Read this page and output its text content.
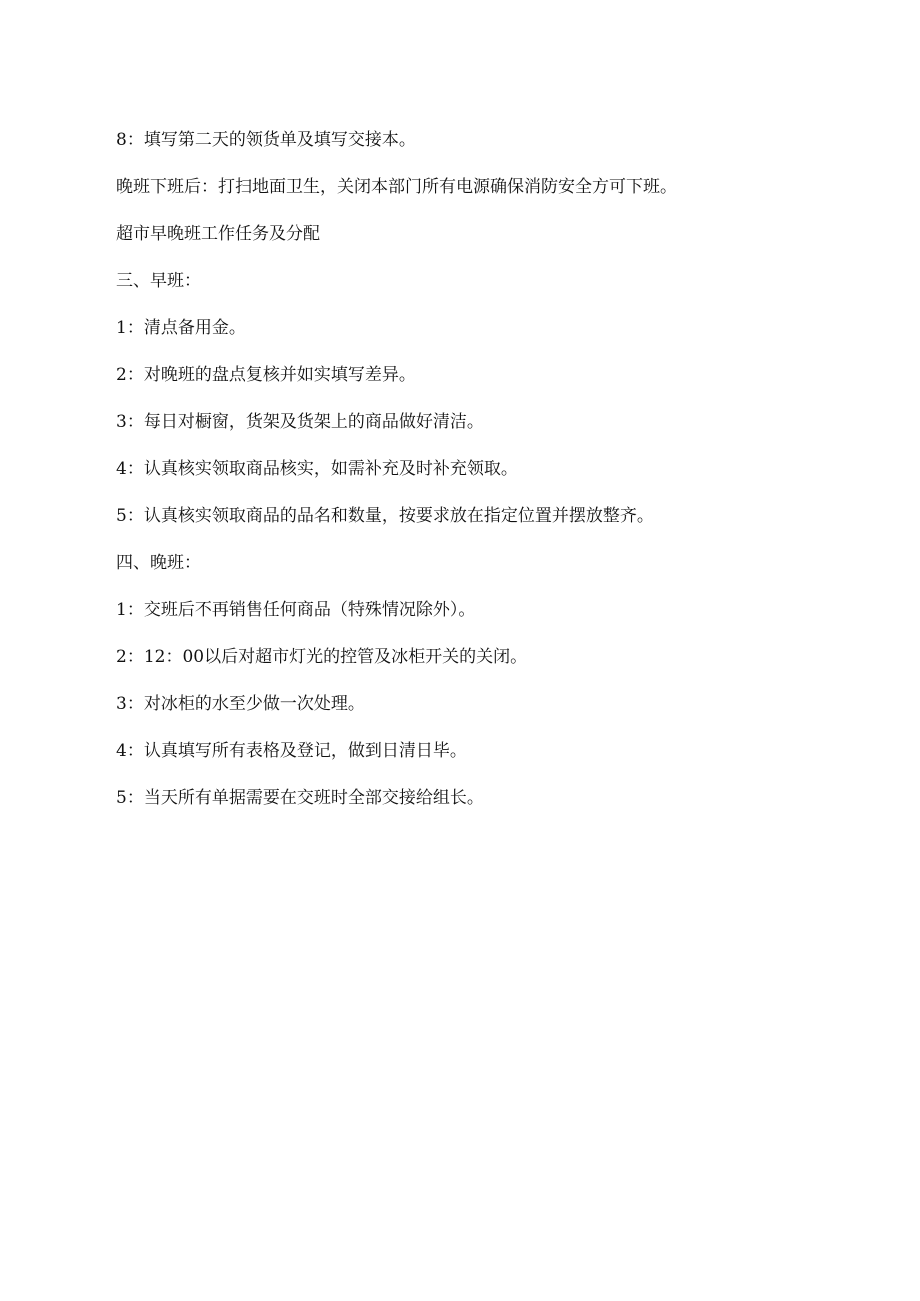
8：填写第二天的领货单及填写交接本。
晚班下班后：打扫地面卫生，关闭本部门所有电源确保消防安全方可下班。
超市早晚班工作任务及分配
三、早班：
1：清点备用金。
2：对晚班的盘点复核并如实填写差异。
3：每日对橱窗，货架及货架上的商品做好清洁。
4：认真核实领取商品核实，如需补充及时补充领取。
5：认真核实领取商品的品名和数量，按要求放在指定位置并摆放整齐。
四、晚班：
1：交班后不再销售任何商品（特殊情况除外）。
2：12：00以后对超市灯光的控管及冰柜开关的关闭。
3：对冰柜的水至少做一次处理。
4：认真填写所有表格及登记，做到日清日毕。
5：当天所有单据需要在交班时全部交接给组长。
